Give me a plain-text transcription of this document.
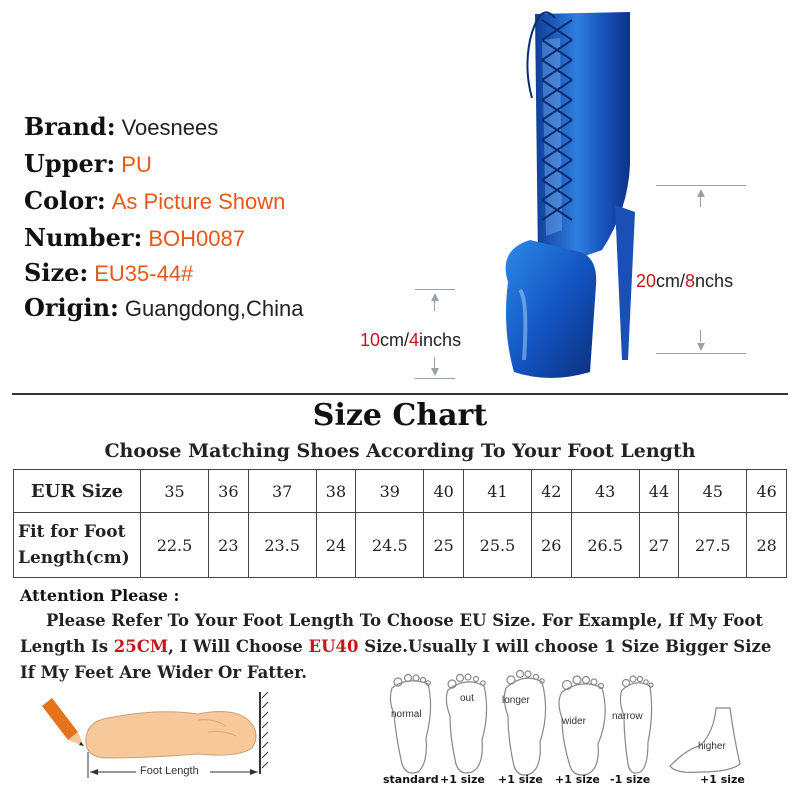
Brand: Voesnees
Upper: PU
Color: As Picture Shown
Number: BOH0087
Size: EU35-44#
Origin: Guangdong,China
20cm/8nchs
10cm/4inchs
Size Chart
Choose Matching Shoes According To Your Foot Length
EUR Size	35	36	37	38	39	40	41	42	43	44	45	46
Fit for Foot Length(cm)	22.5	23	23.5	24	24.5	25	25.5	26	26.5	27	27.5	28
Attention Please :
Please Refer To Your Foot Length To Choose EU Size. For Example, If My Foot Length Is 25CM, I Will Choose EU40 Size.Usually I will choose 1 Size Bigger Size If My Feet Are Wider Or Fatter.
Foot Length
normal
out	longer
wider	narrow
higher
standard +1 size +1 size +1 size -1 size	+1 size
